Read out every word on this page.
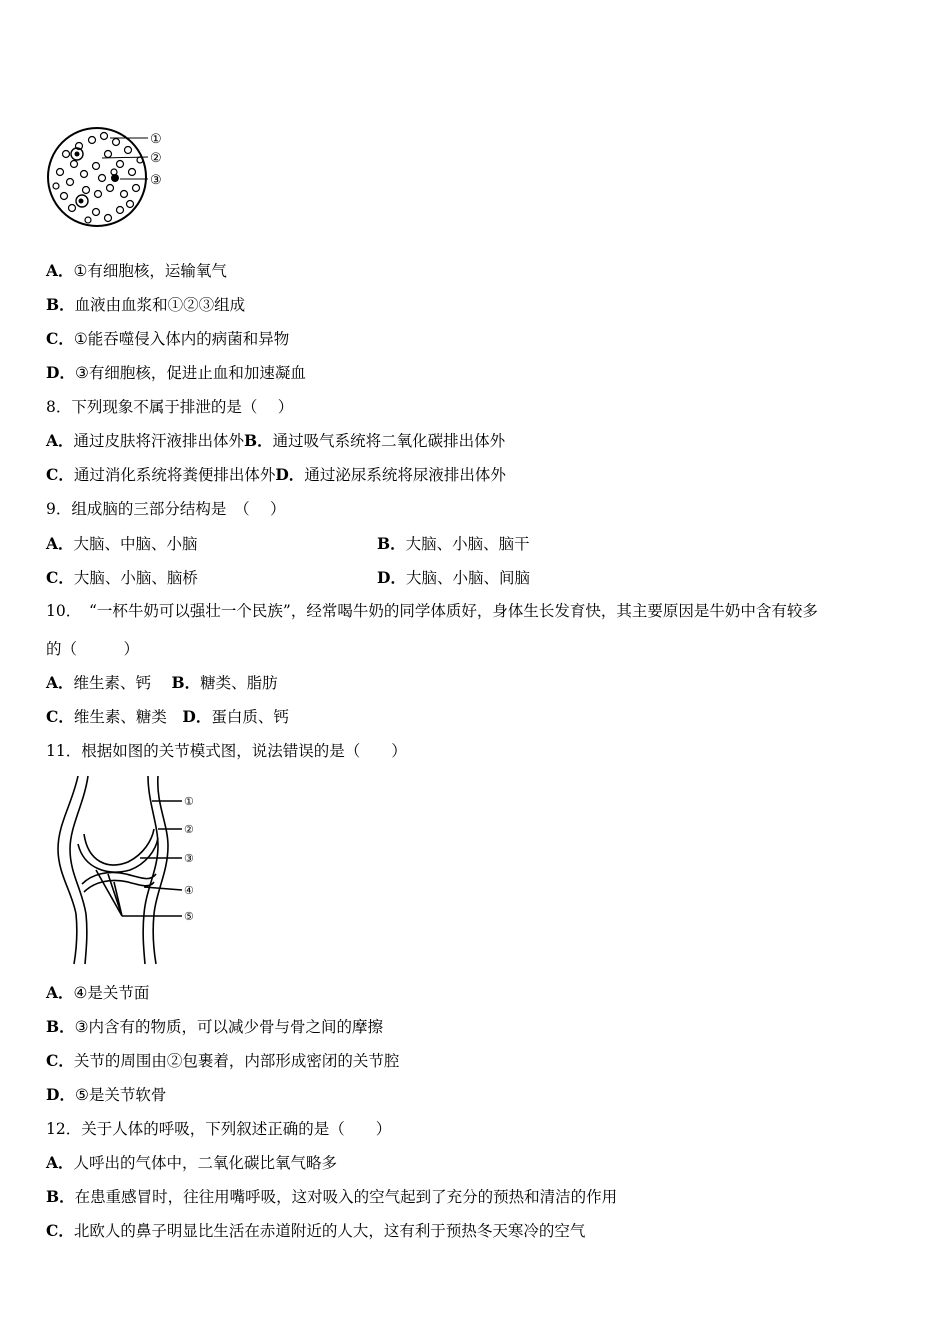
①
②
③
A．①有细胞核，运输氧气
B．血液由血浆和①②③组成
C．①能吞噬侵入体内的病菌和异物
D．③有细胞核，促进止血和加速凝血
8．下列现象不属于排泄的是（　 ）
A．通过皮肤将汗液排出体外B．通过吸气系统将二氧化碳排出体外
C．通过消化系统将粪便排出体外D．通过泌尿系统将尿液排出体外
9．组成脑的三部分结构是　（　 ）
A．大脑、中脑、小脑	B．大脑、小脑、脑干
C．大脑、小脑、脑桥	D．大脑、小脑、间脑
10．　“一杯牛奶可以强壮一个民族”，经常喝牛奶的同学体质好，身体生长发育快，其主要原因是牛奶中含有较多
的（　　　）
A．维生素、钙　 B．糖类、脂肪
C．维生素、糖类　 D．蛋白质、钙
11．根据如图的关节模式图，说法错误的是（　　）
①
②
③
④
⑤
A．④是关节面
B．③内含有的物质，可以减少骨与骨之间的摩擦
C．关节的周围由②包裹着，内部形成密闭的关节腔
D．⑤是关节软骨
12．关于人体的呼吸，下列叙述正确的是（　　）
A．人呼出的气体中，二氧化碳比氧气略多
B．在患重感冒时，往往用嘴呼吸，这对吸入的空气起到了充分的预热和清洁的作用
C．北欧人的鼻子明显比生活在赤道附近的人大，这有利于预热冬天寒冷的空气
